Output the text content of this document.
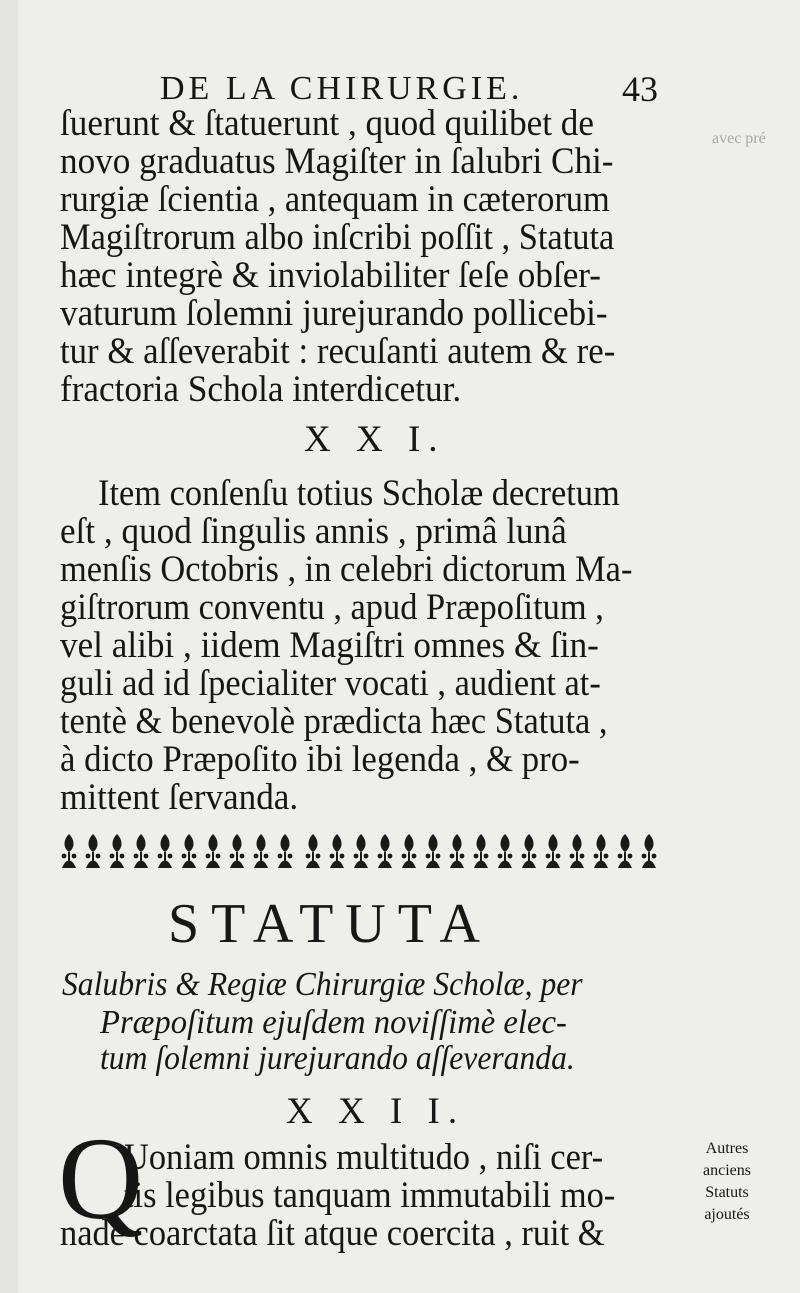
avec pré
DE LA CHIRURGIE.	43
ſuerunt & ſtatuerunt , quod quilibet de
novo graduatus Magiſter in ſalubri Chi-
rurgiæ ſcientia , antequam in cæterorum
Magiſtrorum albo inſcribi poſſit , Statuta
hæc integrè & inviolabiliter ſeſe obſer-
vaturum ſolemni jurejurando pollicebi-
tur & aſſeverabit : recuſanti autem & re-
fractoria Schola interdicetur.
X X I.
Item conſenſu totius Scholæ decretum
eſt , quod ſingulis annis , primâ lunâ
menſis Octobris , in celebri dictorum Ma-
giſtrorum conventu , apud Præpoſitum ,
vel alibi , iidem Magiſtri omnes & ſin-
guli ad id ſpecialiter vocati , audient at-
tentè & benevolè prædicta hæc Statuta ,
à dicto Præpoſito ibi legenda , & pro-
mittent ſervanda.
STATUTA
Salubris & Regiæ Chirurgiæ Scholæ, per
Præpoſitum ejuſdem noviſſimè elec-
tum ſolemni jurejurando aſſeveranda.
X X I I.
Q
Uoniam omnis multitudo , niſi cer-
tis legibus tanquam immutabili mo-
nade coarctata ſit atque coercita , ruit &
Autres
anciens
Statuts
ajoutés
